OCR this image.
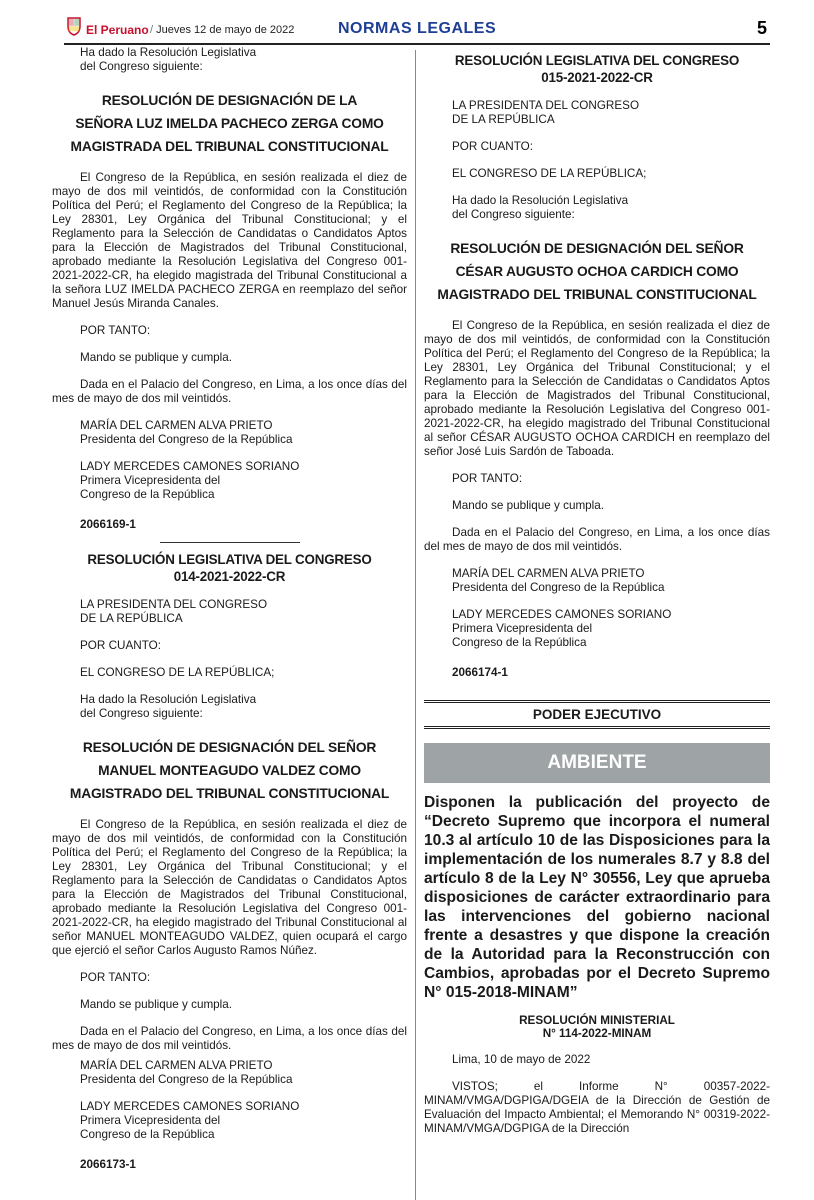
El Peruano / Jueves 12 de mayo de 2022	NORMAS LEGALES	5

Ha dado la Resolución Legislativa

del Congreso siguiente:

RESOLUCIÓN DE DESIGNACIÓN DE LA
SEÑORA LUZ IMELDA PACHECO ZERGA COMO
MAGISTRADA DEL TRIBUNAL CONSTITUCIONAL

El Congreso de la República, en sesión realizada el diez de mayo de dos mil veintidós, de conformidad con la Constitución Política del Perú; el Reglamento del Congreso de la República; la Ley 28301, Ley Orgánica del Tribunal Constitucional; y el Reglamento para la Selección de Candidatas o Candidatos Aptos para la Elección de Magistrados del Tribunal Constitucional, aprobado mediante la Resolución Legislativa del Congreso 001-2021-2022-CR, ha elegido magistrada del Tribunal Constitucional a la señora LUZ IMELDA PACHECO ZERGA en reemplazo del señor Manuel Jesús Miranda Canales.

POR TANTO:

Mando se publique y cumpla.

Dada en el Palacio del Congreso, en Lima, a los once días del mes de mayo de dos mil veintidós.

MARÍA DEL CARMEN ALVA PRIETO

Presidenta del Congreso de la República

LADY MERCEDES CAMONES SORIANO

Primera Vicepresidenta del

Congreso de la República

2066169-1

RESOLUCIÓN LEGISLATIVA DEL CONGRESO

014-2021-2022-CR

LA PRESIDENTA DEL CONGRESO

DE LA REPÚBLICA

POR CUANTO:

EL CONGRESO DE LA REPÚBLICA;

Ha dado la Resolución Legislativa

del Congreso siguiente:

RESOLUCIÓN DE DESIGNACIÓN DEL SEÑOR
MANUEL MONTEAGUDO VALDEZ COMO
MAGISTRADO DEL TRIBUNAL CONSTITUCIONAL

El Congreso de la República, en sesión realizada el diez de mayo de dos mil veintidós, de conformidad con la Constitución Política del Perú; el Reglamento del Congreso de la República; la Ley 28301, Ley Orgánica del Tribunal Constitucional; y el Reglamento para la Selección de Candidatas o Candidatos Aptos para la Elección de Magistrados del Tribunal Constitucional, aprobado mediante la Resolución Legislativa del Congreso 001-2021-2022-CR, ha elegido magistrado del Tribunal Constitucional al señor MANUEL MONTEAGUDO VALDEZ, quien ocupará el cargo que ejerció el señor Carlos Augusto Ramos Núñez.

POR TANTO:

Mando se publique y cumpla.

Dada en el Palacio del Congreso, en Lima, a los once días del mes de mayo de dos mil veintidós.

MARÍA DEL CARMEN ALVA PRIETO

Presidenta del Congreso de la República

LADY MERCEDES CAMONES SORIANO

Primera Vicepresidenta del

Congreso de la República

2066173-1

RESOLUCIÓN LEGISLATIVA DEL CONGRESO

015-2021-2022-CR

LA PRESIDENTA DEL CONGRESO

DE LA REPÚBLICA

POR CUANTO:

EL CONGRESO DE LA REPÚBLICA;

Ha dado la Resolución Legislativa

del Congreso siguiente:

RESOLUCIÓN DE DESIGNACIÓN DEL SEÑOR
CÉSAR AUGUSTO OCHOA CARDICH COMO
MAGISTRADO DEL TRIBUNAL CONSTITUCIONAL

El Congreso de la República, en sesión realizada el diez de mayo de dos mil veintidós, de conformidad con la Constitución Política del Perú; el Reglamento del Congreso de la República; la Ley 28301, Ley Orgánica del Tribunal Constitucional; y el Reglamento para la Selección de Candidatas o Candidatos Aptos para la Elección de Magistrados del Tribunal Constitucional, aprobado mediante la Resolución Legislativa del Congreso 001-2021-2022-CR, ha elegido magistrado del Tribunal Constitucional al señor CÉSAR AUGUSTO OCHOA CARDICH en reemplazo del señor José Luis Sardón de Taboada.

POR TANTO:

Mando se publique y cumpla.

Dada en el Palacio del Congreso, en Lima, a los once días del mes de mayo de dos mil veintidós.

MARÍA DEL CARMEN ALVA PRIETO

Presidenta del Congreso de la República

LADY MERCEDES CAMONES SORIANO

Primera Vicepresidenta del

Congreso de la República

2066174-1

PODER EJECUTIVO
AMBIENTE

Disponen la publicación del proyecto de “Decreto Supremo que incorpora el numeral 10.3 al artículo 10 de las Disposiciones para la implementación de los numerales 8.7 y 8.8 del artículo 8 de la Ley N° 30556, Ley que aprueba disposiciones de carácter extraordinario para las intervenciones del gobierno nacional frente a desastres y que dispone la creación de la Autoridad para la Reconstrucción con Cambios, aprobadas por el Decreto Supremo N° 015-2018-MINAM”

RESOLUCIÓN MINISTERIAL
N° 114-2022-MINAM

Lima, 10 de mayo de 2022

VISTOS; el Informe N° 00357-2022-MINAM/VMGA/DGPIGA/DGEIA de la Dirección de Gestión de Evaluación del Impacto Ambiental; el Memorando N° 00319-2022-MINAM/VMGA/DGPIGA de la Dirección
